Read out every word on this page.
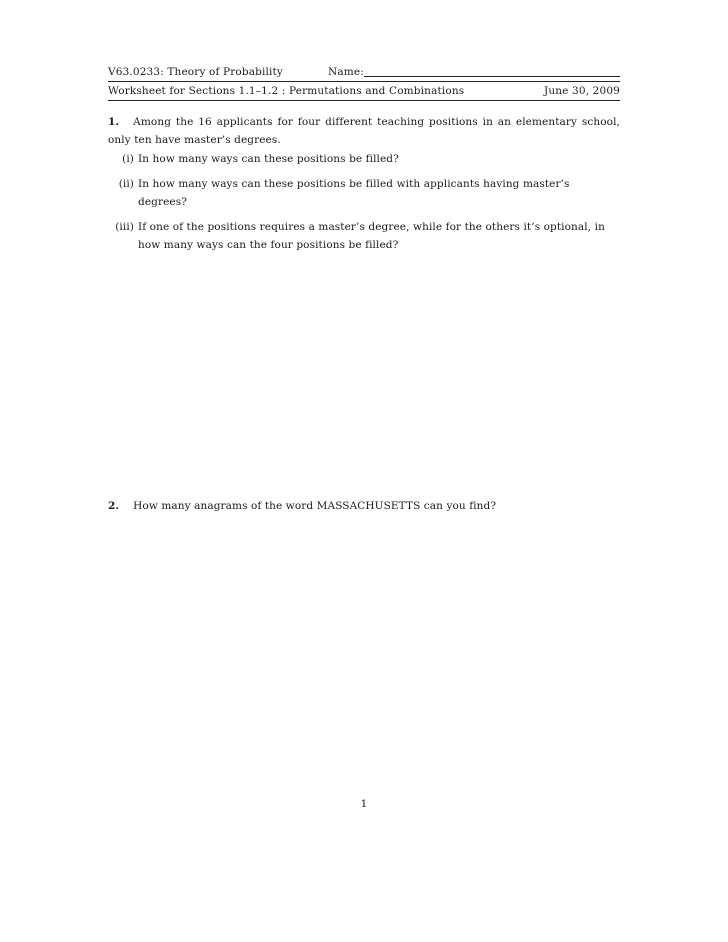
V63.0233: Theory of Probability	Name:
Worksheet for Sections 1.1–1.2 : Permutations and Combinations	June 30, 2009
1. Among the 16 applicants for four different teaching positions in an elementary school, only ten have master’s degrees.
(i) In how many ways can these positions be filled?
(ii) In how many ways can these positions be filled with applicants having master’s degrees?
(iii) If one of the positions requires a master’s degree, while for the others it’s optional, in how many ways can the four positions be filled?
2. How many anagrams of the word MASSACHUSETTS can you find?
1
